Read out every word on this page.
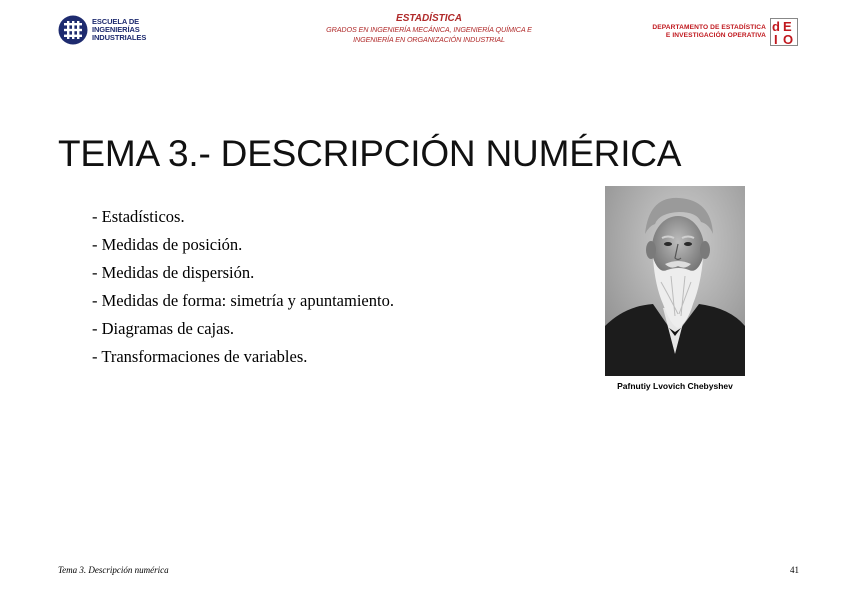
ESCUELA DE INGENIERÍAS INDUSTRIALES
ESTADÍSTICA
GRADOS EN INGENIERÍA MECÁNICA, INGENIERÍA QUÍMICA E
INGENIERÍA EN ORGANIZACIÓN INDUSTRIAL
DEPARTAMENTO DE ESTADÍSTICA
E INVESTIGACIÓN OPERATIVA
d E
I O
TEMA 3.- DESCRIPCIÓN NUMÉRICA
- Estadísticos.
- Medidas de posición.
- Medidas de dispersión.
- Medidas de forma: simetría y apuntamiento.
- Diagramas de cajas.
- Transformaciones de variables.
Pafnutiy Lvovich Chebyshev
Tema 3. Descripción numérica	41
